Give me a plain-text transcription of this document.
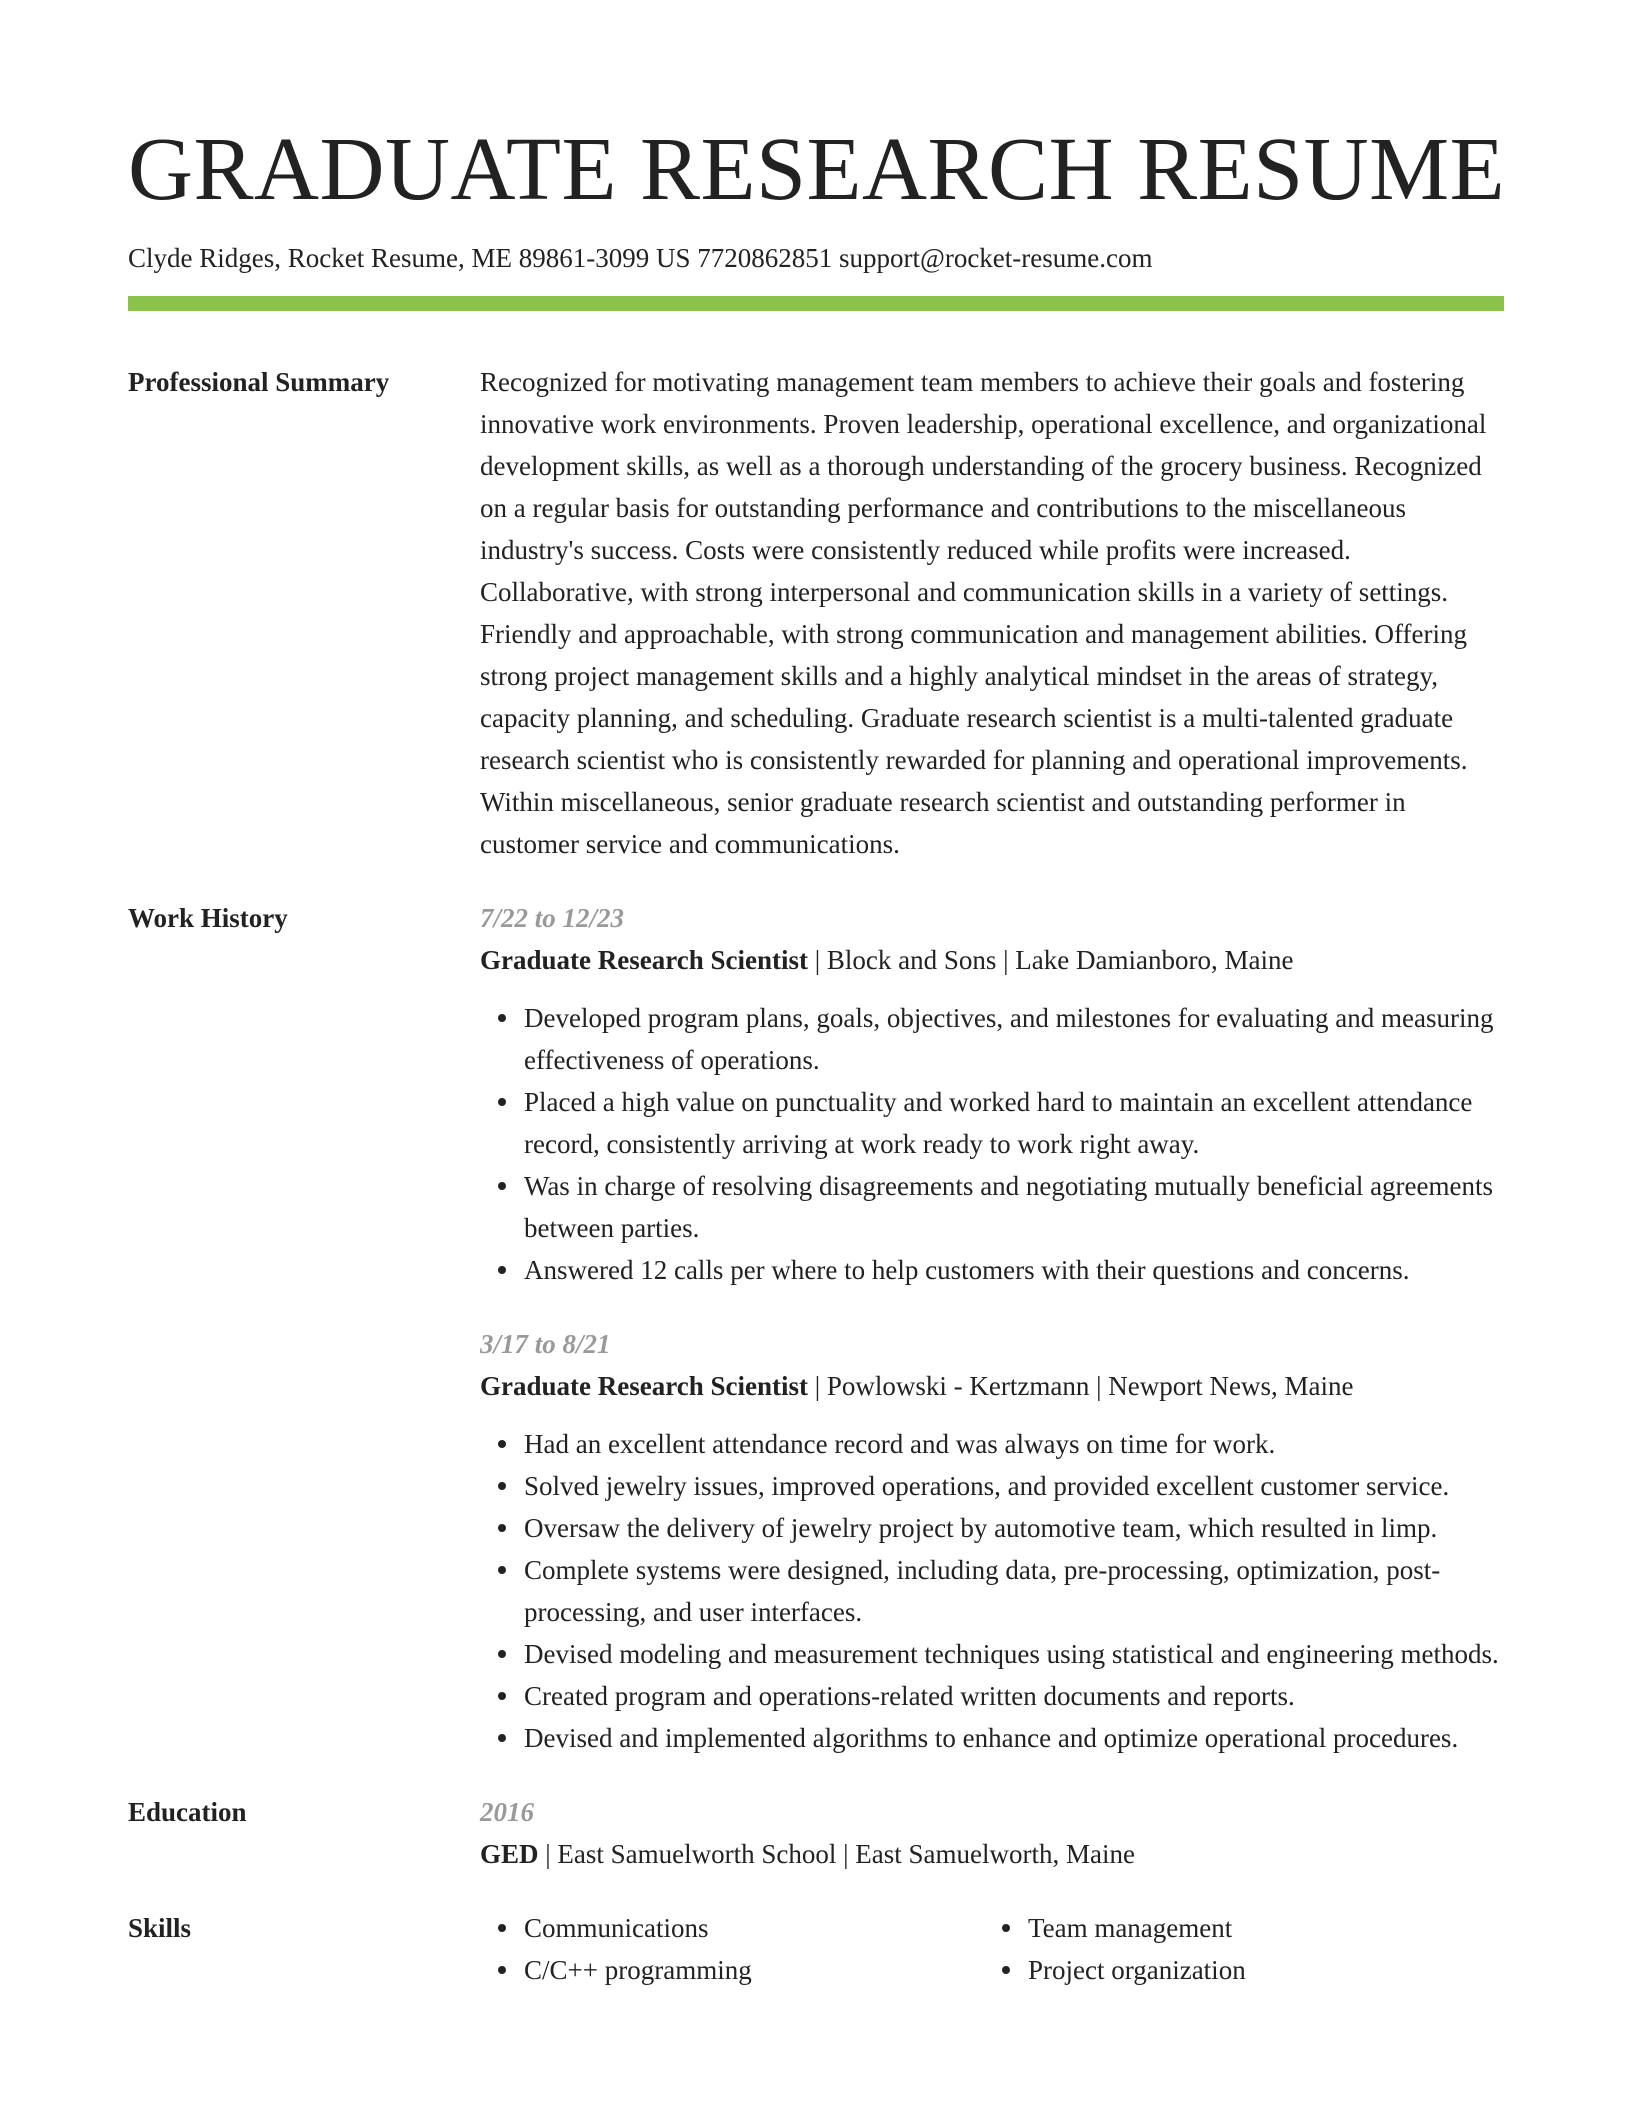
GRADUATE RESEARCH RESUME
Clyde Ridges, Rocket Resume, ME 89861-3099 US 7720862851 support@rocket-resume.com
Professional Summary	Recognized for motivating management team members to achieve their goals and fostering innovative work environments. Proven leadership, operational excellence, and organizational development skills, as well as a thorough understanding of the grocery business. Recognized on a regular basis for outstanding performance and contributions to the miscellaneous industry's success. Costs were consistently reduced while profits were increased. Collaborative, with strong interpersonal and communication skills in a variety of settings. Friendly and approachable, with strong communication and management abilities. Offering strong project management skills and a highly analytical mindset in the areas of strategy, capacity planning, and scheduling. Graduate research scientist is a multi-talented graduate research scientist who is consistently rewarded for planning and operational improvements. Within miscellaneous, senior graduate research scientist and outstanding performer in customer service and communications.

Work History	7/22 to 12/23
Graduate Research Scientist | Block and Sons | Lake Damianboro, Maine
Developed program plans, goals, objectives, and milestones for evaluating and measuring effectiveness of operations.
Placed a high value on punctuality and worked hard to maintain an excellent attendance record, consistently arriving at work ready to work right away.
Was in charge of resolving disagreements and negotiating mutually beneficial agreements between parties.
Answered 12 calls per where to help customers with their questions and concerns.
3/17 to 8/21
Graduate Research Scientist | Powlowski - Kertzmann | Newport News, Maine
Had an excellent attendance record and was always on time for work.
Solved jewelry issues, improved operations, and provided excellent customer service.
Oversaw the delivery of jewelry project by automotive team, which resulted in limp.
Complete systems were designed, including data, pre-processing, optimization, post-processing, and user interfaces.
Devised modeling and measurement techniques using statistical and engineering methods.
Created program and operations-related written documents and reports.
Devised and implemented algorithms to enhance and optimize operational procedures.
Education	2016
GED | East Samuelworth School | East Samuelworth, Maine
Skills	Communications
C/C++ programming
Team management
Project organization
